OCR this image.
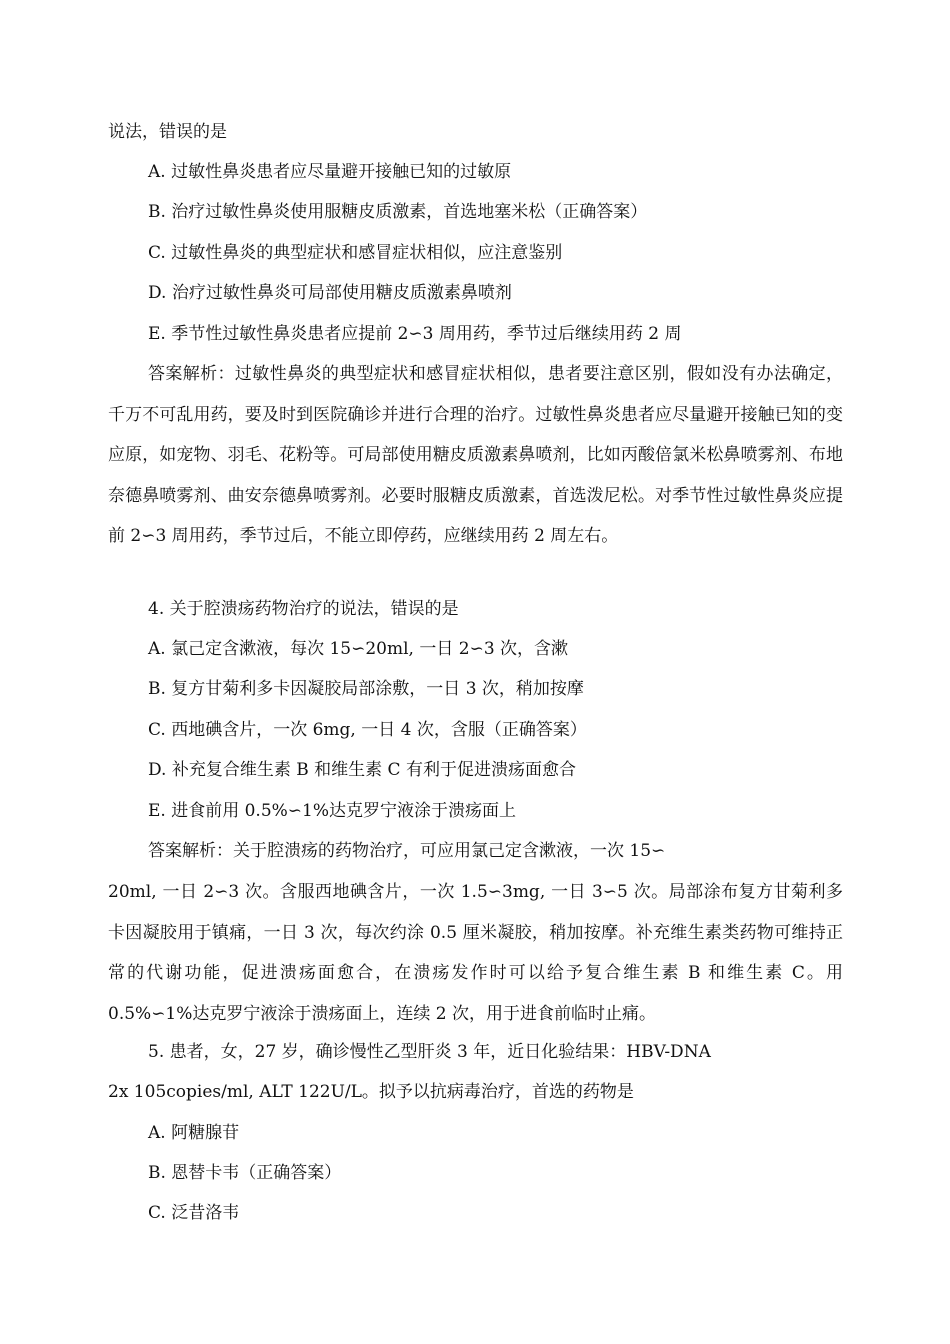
说法，错误的是
A. 过敏性鼻炎患者应尽量避开接触已知的过敏原
B. 治疗过敏性鼻炎使用服糖皮质激素，首选地塞米松（正确答案）
C. 过敏性鼻炎的典型症状和感冒症状相似，应注意鉴别
D. 治疗过敏性鼻炎可局部使用糖皮质激素鼻喷剂
E. 季节性过敏性鼻炎患者应提前 2∽3 周用药，季节过后继续用药 2 周

答案解析：过敏性鼻炎的典型症状和感冒症状相似，患者要注意区别，假如没有办法确定，千万不可乱用药，要及时到医院确诊并进行合理的治疗。过敏性鼻炎患者应尽量避开接触已知的变应原，如宠物、羽毛、花粉等。可局部使用糖皮质激素鼻喷剂，比如丙酸倍氯米松鼻喷雾剂、布地奈德鼻喷雾剂、曲安奈德鼻喷雾剂。必要时服糖皮质激素，首选泼尼松。对季节性过敏性鼻炎应提前 2∽3 周用药，季节过后，不能立即停药，应继续用药 2 周左右。

4. 关于腔溃疡药物治疗的说法，错误的是
A. 氯己定含漱液，每次 15∽20ml, 一日 2∽3 次，含漱
B. 复方甘菊利多卡因凝胶局部涂敷，一日 3 次，稍加按摩
C. 西地碘含片，一次 6mg, 一日 4 次，含服（正确答案）
D. 补充复合维生素 B 和维生素 C 有利于促进溃疡面愈合
E. 进食前用 0.5%∽1%达克罗宁液涂于溃疡面上
答案解析：关于腔溃疡的药物治疗，可应用氯己定含漱液，一次 15∽

20ml, 一日 2∽3 次。含服西地碘含片，一次 1.5∽3mg, 一日 3∽5 次。局部涂布复方甘菊利多卡因凝胶用于镇痛，一日 3 次，每次约涂 0.5 厘米凝胶，稍加按摩。补充维生素类药物可维持正常的代谢功能，促进溃疡面愈合，在溃疡发作时可以给予复合维生素 B 和维生素 C。用 0.5%∽1%达克罗宁液涂于溃疡面上，连续 2 次，用于进食前临时止痛。

5. 患者，女，27 岁，确诊慢性乙型肝炎 3 年，近日化验结果：HBV-DNA
2x 105copies/ml, ALT 122U/L。拟予以抗病毒治疗，首选的药物是
A. 阿糖腺苷
B. 恩替卡韦（正确答案）
C. 泛昔洛韦
